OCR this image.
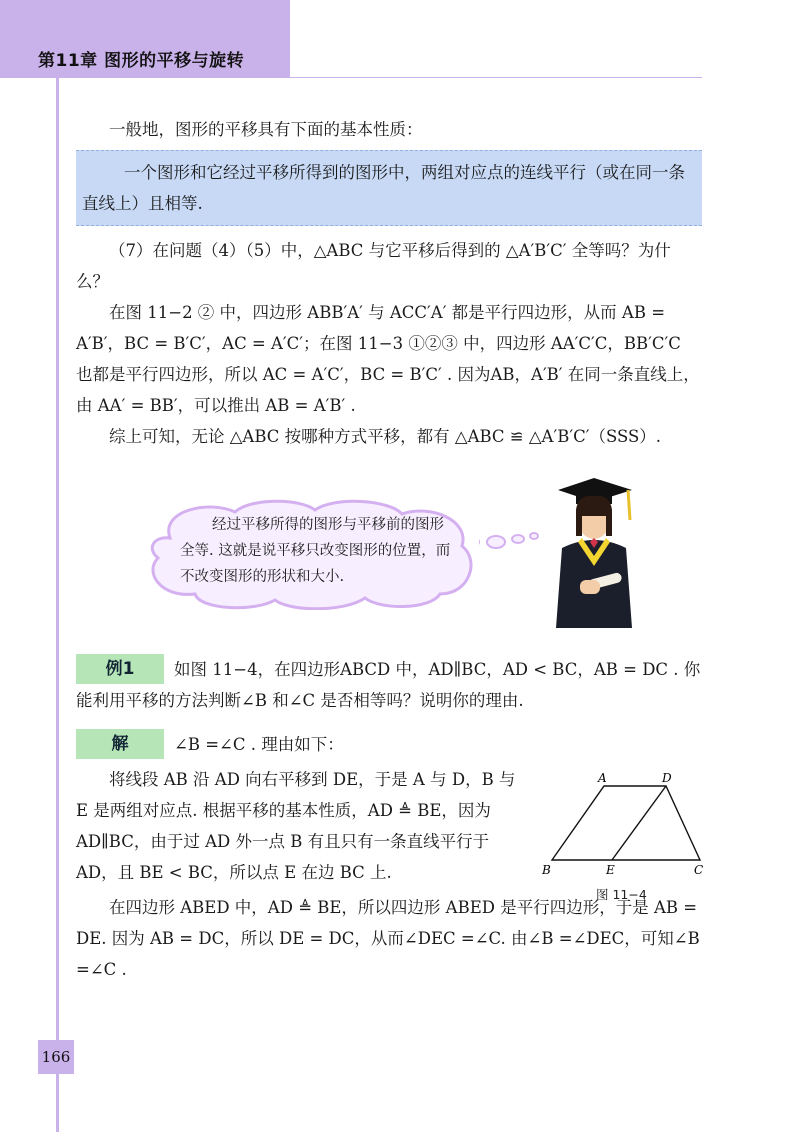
第11章 图形的平移与旋转

一般地，图形的平移具有下面的基本性质：

一个图形和它经过平移所得到的图形中，两组对应点的连线平行（或在同一条直线上）且相等.

（7）在问题（4）（5）中，△ABC 与它平移后得到的 △A′B′C′ 全等吗？为什么？

在图 11−2 ② 中，四边形 ABB′A′ 与 ACC′A′ 都是平行四边形，从而 AB = A′B′，BC = B′C′，AC = A′C′；在图 11−3 ①②③ 中，四边形 AA′C′C，BB′C′C 也都是平行四边形，所以 AC = A′C′，BC = B′C′ . 因为AB，A′B′ 在同一条直线上，由 AA′ = BB′，可以推出 AB = A′B′ .

综上可知，无论 △ABC 按哪种方式平移，都有 △ABC ≌ △A′B′C′（SSS）.

经过平移所得的图形与平移前的图形全等. 这就是说平移只改变图形的位置，而不改变图形的形状和大小.

例1	如图 11−4，在四边形ABCD 中，AD∥BC，AD < BC，AB = DC . 你能利用平移的方法判断∠B 和∠C 是否相等吗？说明你的理由.

解	∠B =∠C . 理由如下：

将线段 AB 沿 AD 向右平移到 DE，于是 A 与 D，B 与 E 是两组对应点. 根据平移的基本性质，AD ≜ BE，因为 AD∥BC，由于过 AD 外一点 B 有且只有一条直线平行于 AD，且 BE < BC，所以点 E 在边 BC 上.

在四边形 ABED 中，AD ≜ BE，所以四边形 ABED 是平行四边形，于是 AB = DE. 因为 AB = DC，所以 DE = DC，从而∠DEC =∠C. 由∠B =∠DEC，可知∠B =∠C .

A	D
B	E	C
图 11−4
166
